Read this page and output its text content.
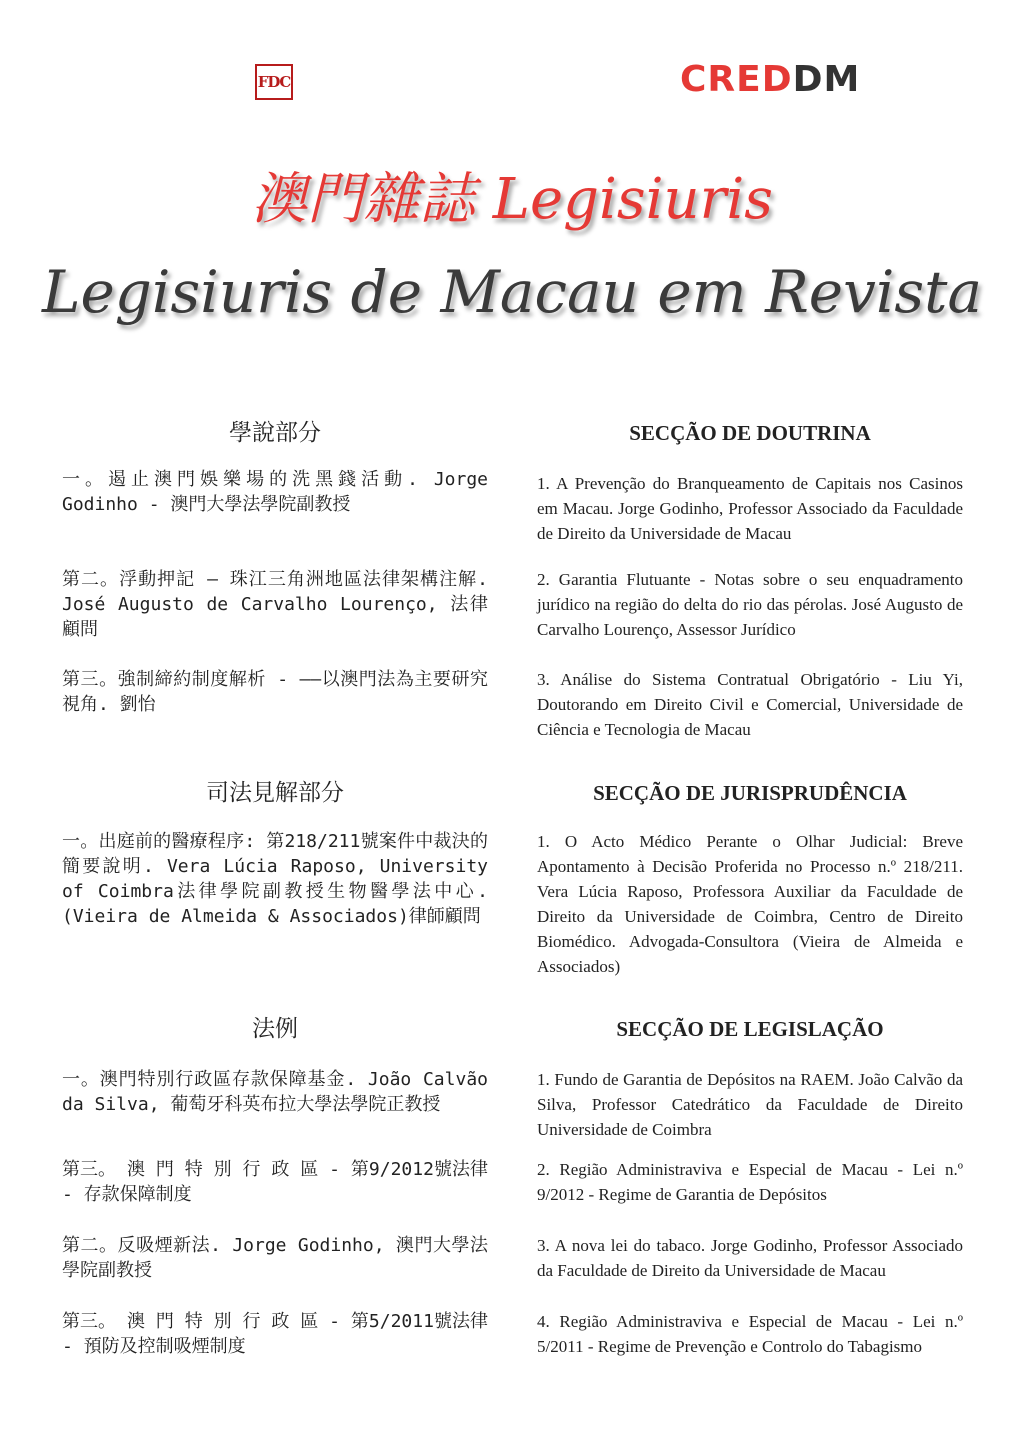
FDC	CREDDM
澳門雜誌 Legisiuris
Legisiuris de Macau em Revista
學說部分

一。遏止澳門娛樂場的洗黑錢活動. Jorge Godinho - 澳門大學法學院副教授

第二。浮動押記 – 珠江三角洲地區法律架構注解. José Augusto de Carvalho Lourenço, 法律顧問

第三。強制締約制度解析 - ——以澳門法為主要研究視角. 劉怡

司法見解部分

一。出庭前的醫療程序: 第218/211號案件中裁決的簡要說明. Vera Lúcia Raposo, University of Coimbra法律學院副教授生物醫學法中心. (Vieira de Almeida & Associados)律師顧問

法例

一。澳門特別行政區存款保障基金. João Calvão da Silva, 葡萄牙科英布拉大學法學院正教授

第三。 澳 門 特 別 行 政 區 - 第9/2012號法律 - 存款保障制度

第二。反吸煙新法. Jorge Godinho, 澳門大學法學院副教授

第三。 澳 門 特 別 行 政 區 - 第5/2011號法律 - 預防及控制吸煙制度

SECÇÃO DE DOUTRINA

1. A Prevenção do Branqueamento de Capitais nos Casinos em Macau. Jorge Godinho, Professor Associado da Faculdade de Direito da Universidade de Macau

2. Garantia Flutuante - Notas sobre o seu enquadramento jurídico na região do delta do rio das pérolas. José Augusto de Carvalho Lourenço, Assessor Jurídico

3. Análise do Sistema Contratual Obrigatório - Liu Yi, Doutorando em Direito Civil e Comercial, Universidade de Ciência e Tecnologia de Macau

SECÇÃO DE JURISPRUDÊNCIA

1. O Acto Médico Perante o Olhar Judicial: Breve Apontamento à Decisão Proferida no Processo n.º 218/211. Vera Lúcia Raposo, Professora Auxiliar da Faculdade de Direito da Universidade de Coimbra, Centro de Direito Biomédico. Advogada-Consultora (Vieira de Almeida e Associados)

SECÇÃO DE LEGISLAÇÃO

1. Fundo de Garantia de Depósitos na RAEM. João Calvão da Silva, Professor Catedrático da Faculdade de Direito Universidade de Coimbra

2. Região Administraviva e Especial de Macau - Lei n.º 9/2012 - Regime de Garantia de Depósitos

3. A nova lei do tabaco. Jorge Godinho, Professor Associado da Faculdade de Direito da Universidade de Macau

4. Região Administraviva e Especial de Macau - Lei n.º 5/2011 - Regime de Prevenção e Controlo do Tabagismo
